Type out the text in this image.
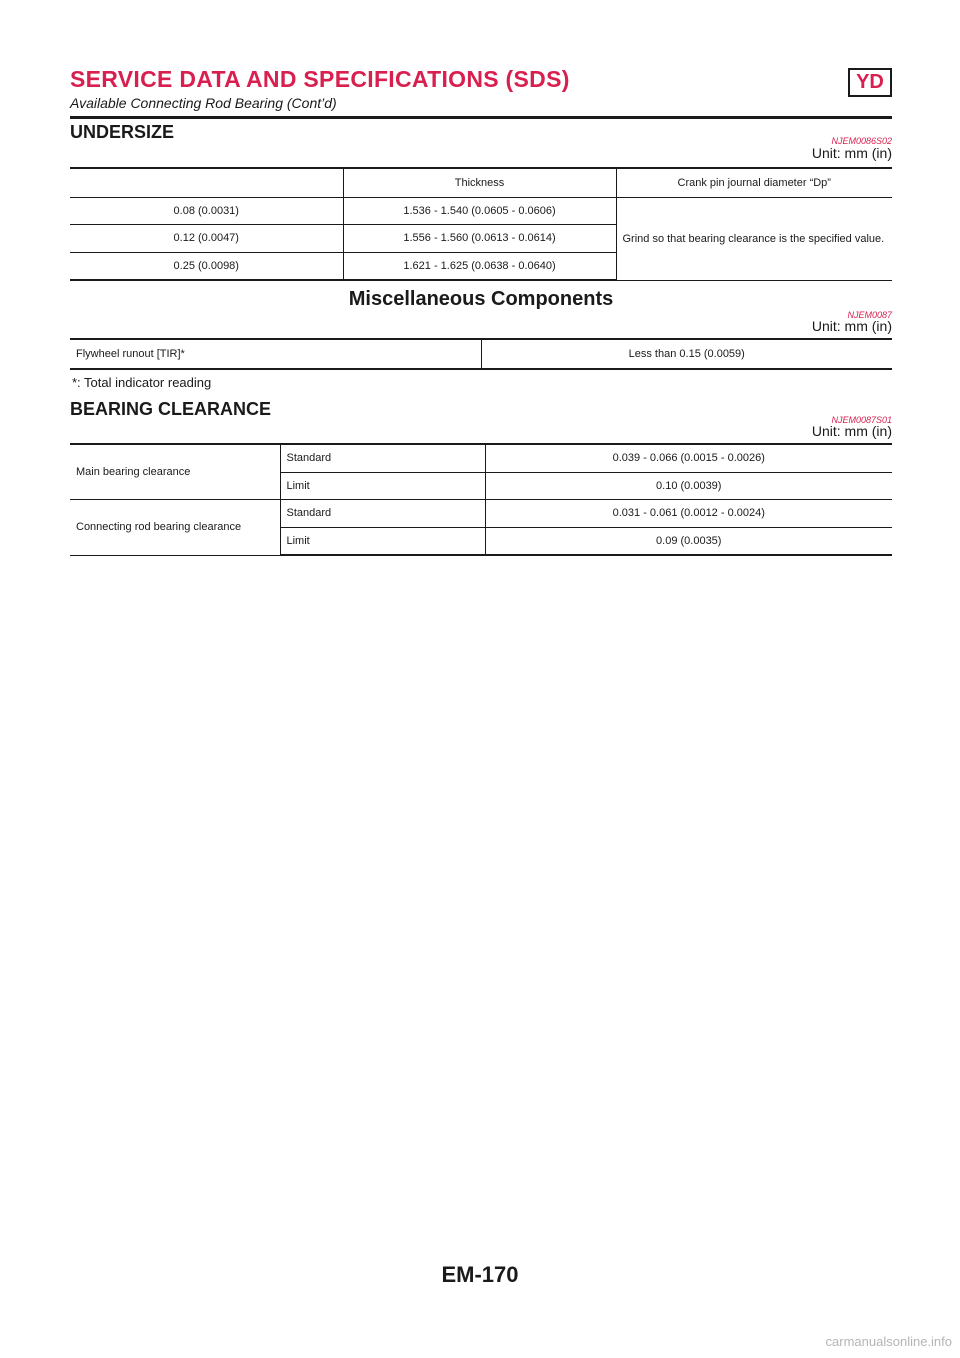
SERVICE DATA AND SPECIFICATIONS (SDS)	YD
Available Connecting Rod Bearing (Cont’d)
UNDERSIZE	NJEM0086S02
Unit: mm (in)
	Thickness	Crank pin journal diameter “Dp”
0.08 (0.0031)	1.536 - 1.540 (0.0605 - 0.0606)	Grind so that bearing clearance is the specified value.
0.12 (0.0047)	1.556 - 1.560 (0.0613 - 0.0614)	
0.25 (0.0098)	1.621 - 1.625 (0.0638 - 0.0640)	
Miscellaneous Components
NJEM0087
Unit: mm (in)
Flywheel runout [TIR]*	Less than 0.15 (0.0059)
*: Total indicator reading
BEARING CLEARANCE
NJEM0087S01
Unit: mm (in)
Main bearing clearance	Standard	0.039 - 0.066 (0.0015 - 0.0026)
	Limit	0.10 (0.0039)
Connecting rod bearing clearance	Standard	0.031 - 0.061 (0.0012 - 0.0024)
	Limit	0.09 (0.0035)
EM-170
carmanualsonline.info
